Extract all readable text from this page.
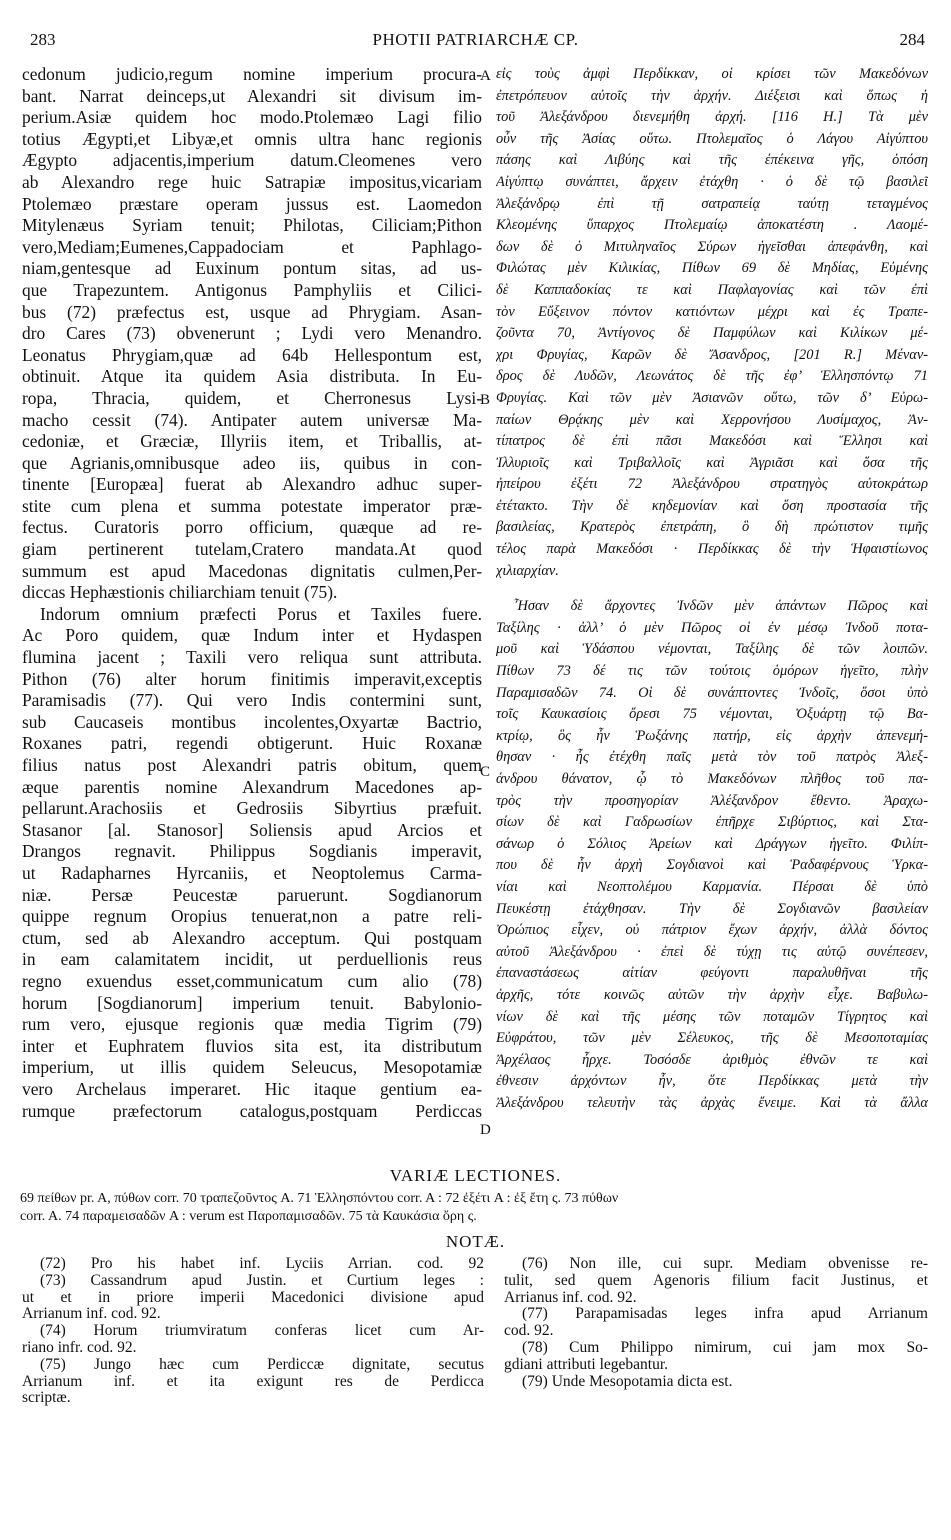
283	PHOTII PATRIARCHÆ CP.	284
cedonum judicio,regum nomine imperium procura-
bant. Narrat deinceps,ut Alexandri sit divisum im-
perium.Asiæ quidem hoc modo.Ptolemæo Lagi filio
totius Ægypti,et Libyæ,et omnis ultra hanc regionis
Ægypto adjacentis,imperium datum.Cleomenes vero
ab Alexandro rege huic Satrapiæ impositus,vicariam
Ptolemæo præstare operam jussus est. Laomedon
Mitylenæus Syriam tenuit; Philotas, Ciliciam;Pithon
vero,Mediam;Eumenes,Cappadociam et Paphlago-
niam,gentesque ad Euxinum pontum sitas, ad us-
que Trapezuntem. Antigonus Pamphyliis et Cilici-
bus (72) præfectus est, usque ad Phrygiam. Asan-
dro Cares (73) obvenerunt ; Lydi vero Menandro.
Leonatus Phrygiam,quæ ad 64b Hellespontum est,
obtinuit. Atque ita quidem Asia distributa. In Eu-
ropa, Thracia, quidem, et Cherronesus Lysi-
macho cessit (74). Antipater autem universæ Ma-
cedoniæ, et Græciæ, Illyriis item, et Triballis, at-
que Agrianis,omnibusque adeo iis, quibus in con-
tinente [Europæa] fuerat ab Alexandro adhuc super-
stite cum plena et summa potestate imperator præ-
fectus. Curatoris porro officium, quæque ad re-
giam pertinerent tutelam,Cratero mandata.At quod
summum est apud Macedonas dignitatis culmen,Per-
diccas Hephæstionis chiliarchiam tenuit (75).
Indorum omnium præfecti Porus et Taxiles fuere.
Ac Poro quidem, quæ Indum inter et Hydaspen
flumina jacent ; Taxili vero reliqua sunt attributa.
Pithon (76) alter horum finitimis imperavit,exceptis
Paramisadis (77). Qui vero Indis contermini sunt,
sub Caucaseis montibus incolentes,Oxyartæ Bactrio,
Roxanes patri, regendi obtigerunt. Huic Roxanæ
filius natus post Alexandri patris obitum, quem
æque parentis nomine Alexandrum Macedones ap-
pellarunt.Arachosiis et Gedrosiis Sibyrtius præfuit.
Stasanor [al. Stanosor] Soliensis apud Arcios et
Drangos regnavit. Philippus Sogdianis imperavit,
ut Radapharnes Hyrcaniis, et Neoptolemus Carma-
niæ. Persæ Peucestæ paruerunt. Sogdianorum
quippe regnum Oropius tenuerat,non a patre reli-
ctum, sed ab Alexandro acceptum. Qui postquam
in eam calamitatem incidit, ut perduellionis reus
regno exuendus esset,communicatum cum alio (78)
horum [Sogdianorum] imperium tenuit. Babylonio-
rum vero, ejusque regionis quæ media Tigrim (79)
inter et Euphratem fluvios sita est, ita distributum
imperium, ut illis quidem Seleucus, Mesopotamiæ
vero Archelaus imperaret. Hic itaque gentium ea-
rumque præfectorum catalogus,postquam Perdiccas
εἰς τοὺς ἀμφὶ Περδίκκαν, οἱ κρίσει τῶν Μακεδόνων
ἐπετρόπευον αὐτοῖς τὴν ἀρχήν. Διέξεισι καὶ ὅπως ἡ
τοῦ Ἀλεξάνδρου διενεμήθη ἀρχή. [116 H.] Τὰ μὲν
οὖν τῆς Ἀσίας οὕτω. Πτολεμαῖος ὁ Λάγου Αἰγύπτου
πάσης καὶ Λιβύης καὶ τῆς ἐπέκεινα γῆς, ὁπόση
Αἰγύπτῳ συνάπτει, ἄρχειν ἐτάχθη · ὁ δὲ τῷ βασιλεῖ
Ἀλεξάνδρῳ ἐπὶ τῇ σατραπείᾳ ταύτῃ τεταγμένος
Κλεομένης ὕπαρχος Πτολεμαίῳ ἀποκατέστη . Λαομέ-
δων δὲ ὁ Μιτυληναῖος Σύρων ἡγεῖσθαι ἀπεφάνθη, καὶ
Φιλώτας μὲν Κιλικίας, Πίθων 69 δὲ Μηδίας, Εὐμένης
δὲ Καππαδοκίας τε καὶ Παφλαγονίας καὶ τῶν ἐπὶ
τὸν Εὔξεινον πόντον κατιόντων μέχρι καὶ ἐς Τραπε-
ζοῦντα 70, Ἀντίγονος δὲ Παμφύλων καὶ Κιλίκων μέ-
χρι Φρυγίας, Καρῶν δὲ Ἄσανδρος, [201 R.] Μέναν-
δρος δὲ Λυδῶν, Λεωνάτος δὲ τῆς ἐφ’ Ἑλλησπόντῳ 71
Φρυγίας. Καὶ τῶν μὲν Ἀσιανῶν οὕτω, τῶν δ’ Εὐρω-
παίων Θρᾴκης μὲν καὶ Χερρονήσου Λυσίμαχος, Ἀν-
τίπατρος δὲ ἐπὶ πᾶσι Μακεδόσι καὶ Ἕλλησι καὶ
Ἰλλυριοῖς καὶ Τριβαλλοῖς καὶ Ἀγριᾶσι καὶ ὅσα τῆς
ἠπείρου ἐξέτι 72 Ἀλεξάνδρου στρατηγὸς αὐτοκράτωρ
ἐτέτακτο. Τὴν δὲ κηδεμονίαν καὶ ὅση προστασία τῆς
βασιλείας, Κρατερὸς ἐπετράπη, ὃ δὴ πρώτιστον τιμῆς
τέλος παρὰ Μακεδόσι · Περδίκκας δὲ τὴν Ἡφαιστίωνος
χιλιαρχίαν.
Ἦσαν δὲ ἄρχοντες Ἰνδῶν μὲν ἁπάντων Πῶρος καὶ
Ταξίλης · ἀλλ’ ὁ μὲν Πῶρος οἱ ἐν μέσῳ Ἰνδοῦ ποτα-
μοῦ καὶ Ὑδάσπου νέμονται, Ταξίλης δὲ τῶν λοιπῶν.
Πίθων 73 δέ τις τῶν τούτοις ὁμόρων ἡγεῖτο, πλὴν
Παραμισαδῶν 74. Οἱ δὲ συνάπτοντες Ἰνδοῖς, ὅσοι ὑπὸ
τοῖς Καυκασίοις ὄρεσι 75 νέμονται, Ὀξυάρτῃ τῷ Βα-
κτρίῳ, ὃς ἦν Ῥωξάνης πατήρ, εἰς ἀρχὴν ἀπενεμή-
θησαν · ἧς ἐτέχθη παῖς μετὰ τὸν τοῦ πατρὸς Ἀλεξ-
άνδρου θάνατον, ᾧ τὸ Μακεδόνων πλῆθος τοῦ πα-
τρὸς τὴν προσηγορίαν Ἀλέξανδρον ἔθεντο. Ἀραχω-
σίων δὲ καὶ Γαδρωσίων ἐπῆρχε Σιβύρτιος, καὶ Στα-
σάνωρ ὁ Σόλιος Ἀρείων καὶ Δράγγων ἡγεῖτο. Φιλίπ-
που δὲ ἦν ἀρχὴ Σογδιανοὶ καὶ Ῥαδαφέρνους Ὑρκα-
νίαι καὶ Νεοπτολέμου Καρμανία. Πέρσαι δὲ ὑπὸ
Πευκέστῃ ἐτάχθησαν. Τὴν δὲ Σογδιανῶν βασιλείαν
Ὀρώπιος εἶχεν, οὐ πάτριον ἔχων ἀρχήν, ἀλλὰ δόντος
αὐτοῦ Ἀλεξάνδρου · ἐπεὶ δὲ τύχῃ τις αὐτῷ συνέπεσεν,
ἐπαναστάσεως αἰτίαν φεύγοντι παραλυθῆναι τῆς
ἀρχῆς, τότε κοινῶς αὐτῶν τὴν ἀρχὴν εἶχε. Βαβυλω-
νίων δὲ καὶ τῆς μέσης τῶν ποταμῶν Τίγρητος καὶ
Εὐφράτου, τῶν μὲν Σέλευκος, τῆς δὲ Μεσοποταμίας
Ἀρχέλαος ἦρχε. Τοσόσδε ἀριθμὸς ἐθνῶν τε καὶ
ἐθνεσιν ἀρχόντων ἦν, ὅτε Περδίκκας μετὰ τὴν
Ἀλεξάνδρου τελευτὴν τὰς ἀρχὰς ἔνειμε. Καὶ τὰ ἄλλα
A
B
C
D
VARIÆ LECTIONES.
69 πείθων pr. A, πύθων corr. 70 τραπεζοῦντος A. 71 Ἑλλησπόντου corr. A : 72 ἐξέτι A : ἐξ ἔτη ς. 73 πύθων
corr. A. 74 παραμεισαδῶν A : verum est Παροπαμισαδῶν. 75 τὰ Καυκάσια ὄρη ς.
NOTÆ.
(72) Pro his habet inf. Lyciis Arrian. cod. 92
(73) Cassandrum apud Justin. et Curtium leges :
ut et in priore imperii Macedonici divisione apud
Arrianum inf. cod. 92.
(74) Horum triumviratum conferas licet cum Ar-
riano infr. cod. 92.
(75) Jungo hæc cum Perdiccæ dignitate, secutus
Arrianum inf. et ita exigunt res de Perdicca
scriptæ.
(76) Non ille, cui supr. Mediam obvenisse re-
tulit, sed quem Agenoris filium facit Justinus, et
Arrianus inf. cod. 92.
(77) Parapamisadas leges infra apud Arrianum
cod. 92.
(78) Cum Philippo nimirum, cui jam mox So-
gdiani attributi legebantur.
(79) Unde Mesopotamia dicta est.
